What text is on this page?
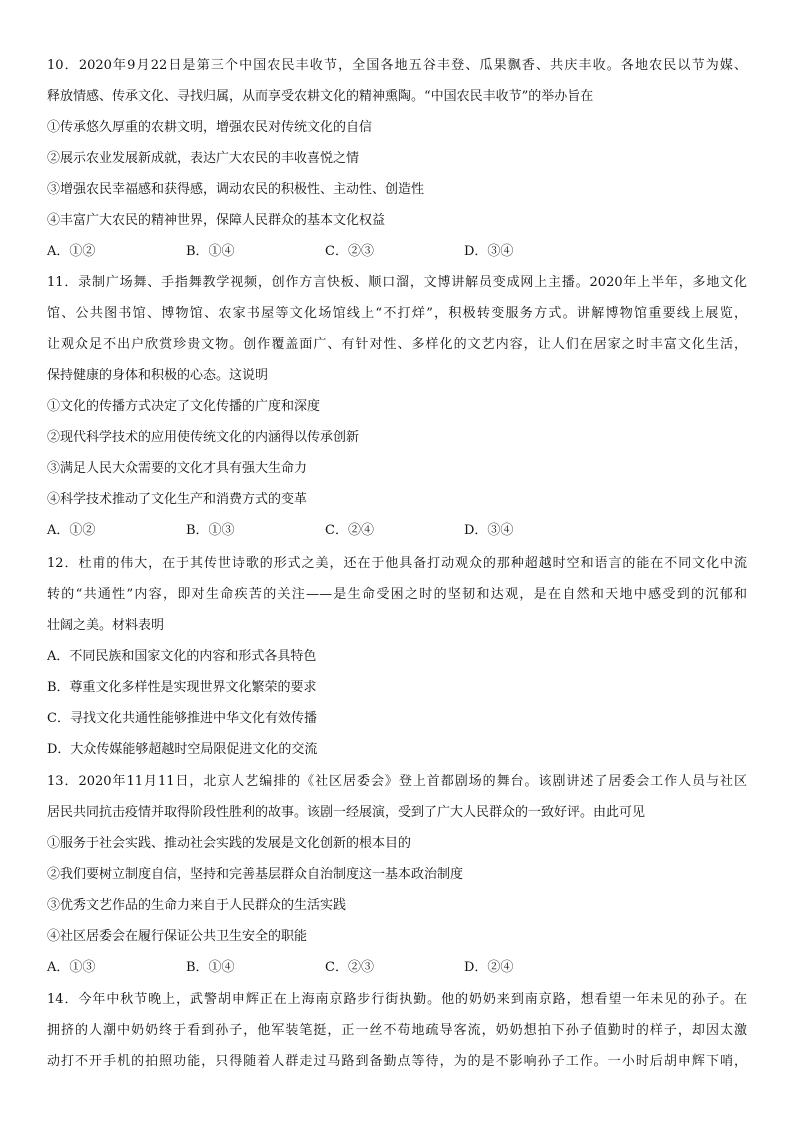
10．2020年9月22日是第三个中国农民丰收节，全国各地五谷丰登、瓜果飘香、共庆丰收。各地农民以节为媒、
释放情感、传承文化、寻找归属，从而享受农耕文化的精神熏陶。“中国农民丰收节”的举办旨在
①传承悠久厚重的农耕文明，增强农民对传统文化的自信
②展示农业发展新成就，表达广大农民的丰收喜悦之情
③增强农民幸福感和获得感，调动农民的积极性、主动性、创造性
④丰富广大农民的精神世界，保障人民群众的基本文化权益
A．①②	B．①④	C．②③	D．③④
11．录制广场舞、手指舞教学视频，创作方言快板、顺口溜，文博讲解员变成网上主播。2020年上半年，多地文化
馆、公共图书馆、博物馆、农家书屋等文化场馆线上“不打烊”，积极转变服务方式。讲解博物馆重要线上展览，
让观众足不出户欣赏珍贵文物。创作覆盖面广、有针对性、多样化的文艺内容，让人们在居家之时丰富文化生活，
保持健康的身体和积极的心态。这说明
①文化的传播方式决定了文化传播的广度和深度
②现代科学技术的应用使传统文化的内涵得以传承创新
③满足人民大众需要的文化才具有强大生命力
④科学技术推动了文化生产和消费方式的变革
A．①②	B．①③	C．②④	D．③④
12．杜甫的伟大，在于其传世诗歌的形式之美，还在于他具备打动观众的那种超越时空和语言的能在不同文化中流
转的“共通性”内容，即对生命疾苦的关注——是生命受困之时的坚韧和达观，是在自然和天地中感受到的沉郁和
壮阔之美。材料表明
A．不同民族和国家文化的内容和形式各具特色
B．尊重文化多样性是实现世界文化繁荣的要求
C．寻找文化共通性能够推进中华文化有效传播
D．大众传媒能够超越时空局限促进文化的交流
13．2020年11月11日，北京人艺编排的《社区居委会》登上首都剧场的舞台。该剧讲述了居委会工作人员与社区
居民共同抗击疫情并取得阶段性胜利的故事。该剧一经展演，受到了广大人民群众的一致好评。由此可见
①服务于社会实践、推动社会实践的发展是文化创新的根本目的
②我们要树立制度自信，坚持和完善基层群众自治制度这一基本政治制度
③优秀文艺作品的生命力来自于人民群众的生活实践
④社区居委会在履行保证公共卫生安全的职能
A．①③	B．①④	C．②③	D．②④
14．今年中秋节晚上，武警胡申辉正在上海南京路步行街执勤。他的奶奶来到南京路，想看望一年未见的孙子。在
拥挤的人潮中奶奶终于看到孙子，他军装笔挺，正一丝不苟地疏导客流，奶奶想拍下孙子值勤时的样子，却因太激
动打不开手机的拍照功能，只得随着人群走过马路到备勤点等待，为的是不影响孙子工作。一小时后胡申辉下哨，
